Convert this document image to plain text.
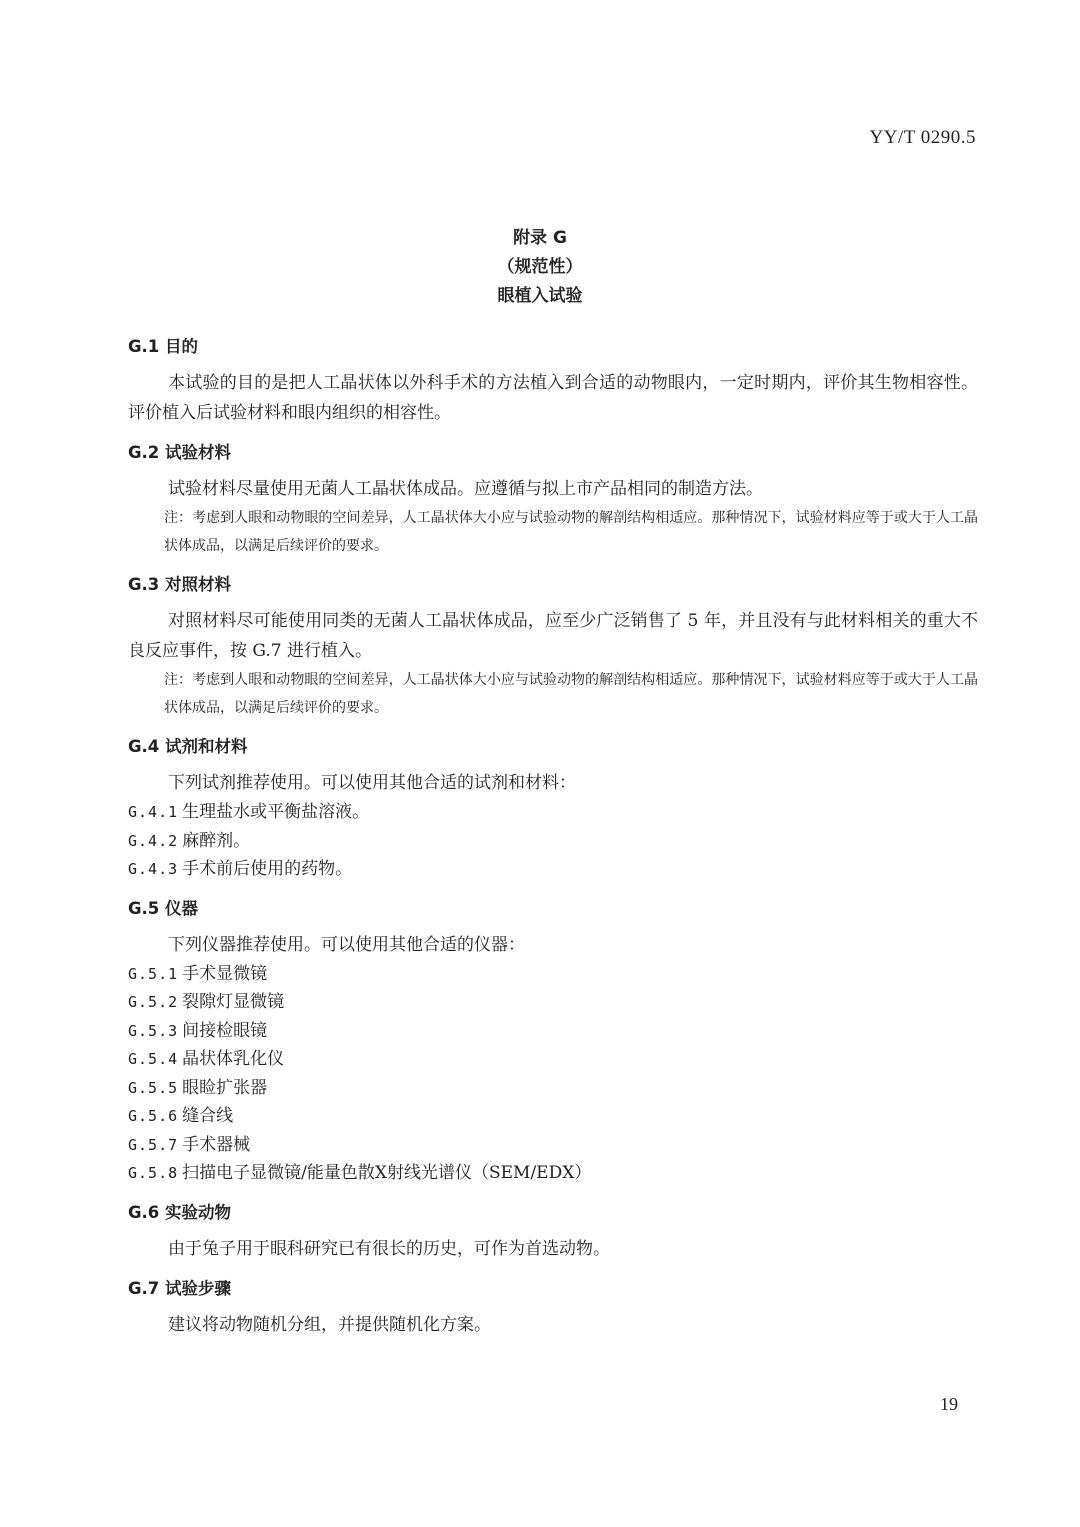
YY/T 0290.5
附录 G
（规范性）
眼植入试验
G.1 目的
本试验的目的是把人工晶状体以外科手术的方法植入到合适的动物眼内，一定时期内，评价其生物相容性。评价植入后试验材料和眼内组织的相容性。
G.2 试验材料
试验材料尽量使用无菌人工晶状体成品。应遵循与拟上市产品相同的制造方法。
注：考虑到人眼和动物眼的空间差异，人工晶状体大小应与试验动物的解剖结构相适应。那种情况下，试验材料应等于或大于人工晶状体成品，以满足后续评价的要求。
G.3 对照材料
对照材料尽可能使用同类的无菌人工晶状体成品，应至少广泛销售了 5 年，并且没有与此材料相关的重大不良反应事件，按 G.7 进行植入。
注：考虑到人眼和动物眼的空间差异，人工晶状体大小应与试验动物的解剖结构相适应。那种情况下，试验材料应等于或大于人工晶状体成品，以满足后续评价的要求。
G.4 试剂和材料
下列试剂推荐使用。可以使用其他合适的试剂和材料：
G.4.1 生理盐水或平衡盐溶液。
G.4.2 麻醉剂。
G.4.3 手术前后使用的药物。
G.5 仪器
下列仪器推荐使用。可以使用其他合适的仪器：
G.5.1 手术显微镜
G.5.2 裂隙灯显微镜
G.5.3 间接检眼镜
G.5.4 晶状体乳化仪
G.5.5 眼睑扩张器
G.5.6 缝合线
G.5.7 手术器械
G.5.8 扫描电子显微镜/能量色散X射线光谱仪（SEM/EDX）
G.6 实验动物
由于兔子用于眼科研究已有很长的历史，可作为首选动物。
G.7 试验步骤
建议将动物随机分组，并提供随机化方案。
19
